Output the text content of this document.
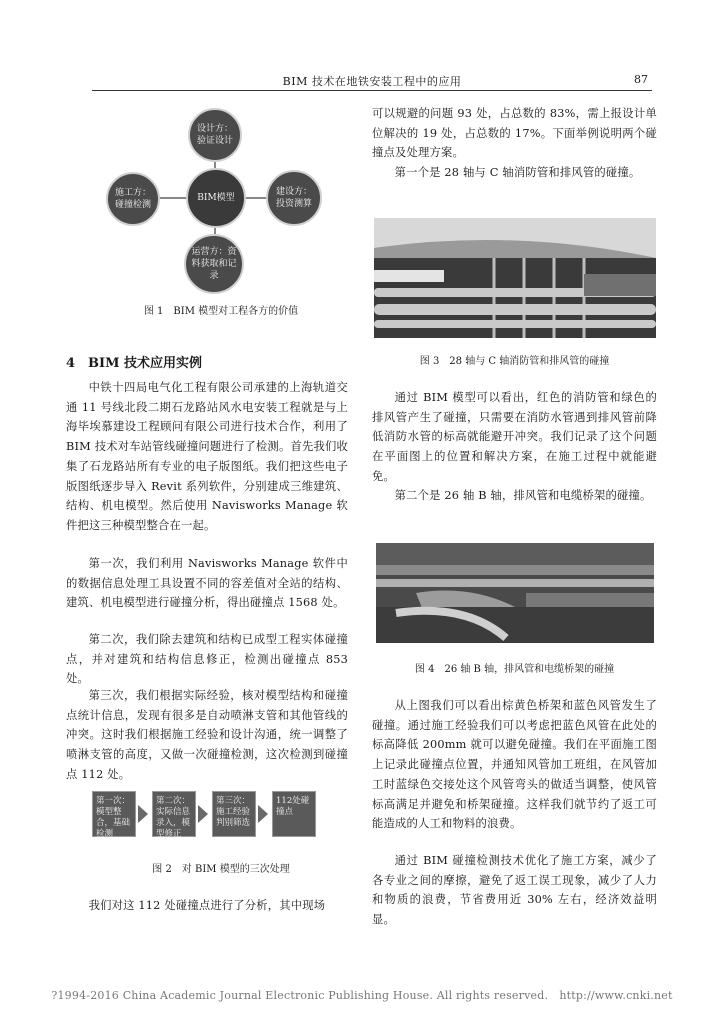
BIM 技术在地铁安装工程中的应用	87
设计方：验证设计
施工方：碰撞检测
BIM模型
建设方：投资测算
运营方：资料获取和记录
图 1　BIM 模型对工程各方的价值
4　BIM 技术应用实例

中铁十四局电气化工程有限公司承建的上海轨道交通 11 号线北段二期石龙路站风水电安装工程就是与上海毕埃慕建设工程顾问有限公司进行技术合作，利用了 BIM 技术对车站管线碰撞问题进行了检测。首先我们收集了石龙路站所有专业的电子版图纸。我们把这些电子版图纸逐步导入 Revit 系列软件，分别建成三维建筑、结构、机电模型。然后使用 Navisworks Manage 软件把这三种模型整合在一起。

第一次，我们利用 Navisworks Manage 软件中的数据信息处理工具设置不同的容差值对全站的结构、建筑、机电模型进行碰撞分析，得出碰撞点 1568 处。

第二次，我们除去建筑和结构已成型工程实体碰撞点，并对建筑和结构信息修正，检测出碰撞点 853 处。

第三次，我们根据实际经验，核对模型结构和碰撞点统计信息，发现有很多是自动喷淋支管和其他管线的冲突。这时我们根据施工经验和设计沟通，统一调整了喷淋支管的高度，又做一次碰撞检测，这次检测到碰撞点 112 处。

第一次：模型整合，基础检测
第二次：实际信息录入，模型修正
第三次：施工经验判别筛选
112处碰撞点
图 2　对 BIM 模型的三次处理

我们对这 112 处碰撞点进行了分析，其中现场

可以规避的问题 93 处，占总数的 83%，需上报设计单位解决的 19 处，占总数的 17%。下面举例说明两个碰撞点及处理方案。

第一个是 28 轴与 C 轴消防管和排风管的碰撞。

图 3　28 轴与 C 轴消防管和排风管的碰撞

通过 BIM 模型可以看出，红色的消防管和绿色的排风管产生了碰撞，只需要在消防水管遇到排风管前降低消防水管的标高就能避开冲突。我们记录了这个问题在平面图上的位置和解决方案，在施工过程中就能避免。

第二个是 26 轴 B 轴，排风管和电缆桥架的碰撞。

图 4　26 轴 B 轴，排风管和电缆桥架的碰撞

从上图我们可以看出棕黄色桥架和蓝色风管发生了碰撞。通过施工经验我们可以考虑把蓝色风管在此处的标高降低 200mm 就可以避免碰撞。我们在平面施工图上记录此碰撞点位置，并通知风管加工班组，在风管加工时蓝绿色交接处这个风管弯头的做适当调整，使风管标高满足并避免和桥架碰撞。这样我们就节约了返工可能造成的人工和物料的浪费。

通过 BIM 碰撞检测技术优化了施工方案，减少了各专业之间的摩擦，避免了返工误工现象，减少了人力和物质的浪费，节省费用近 30% 左右，经济效益明显。

?1994-2016 China Academic Journal Electronic Publishing House. All rights reserved.　http://www.cnki.net
